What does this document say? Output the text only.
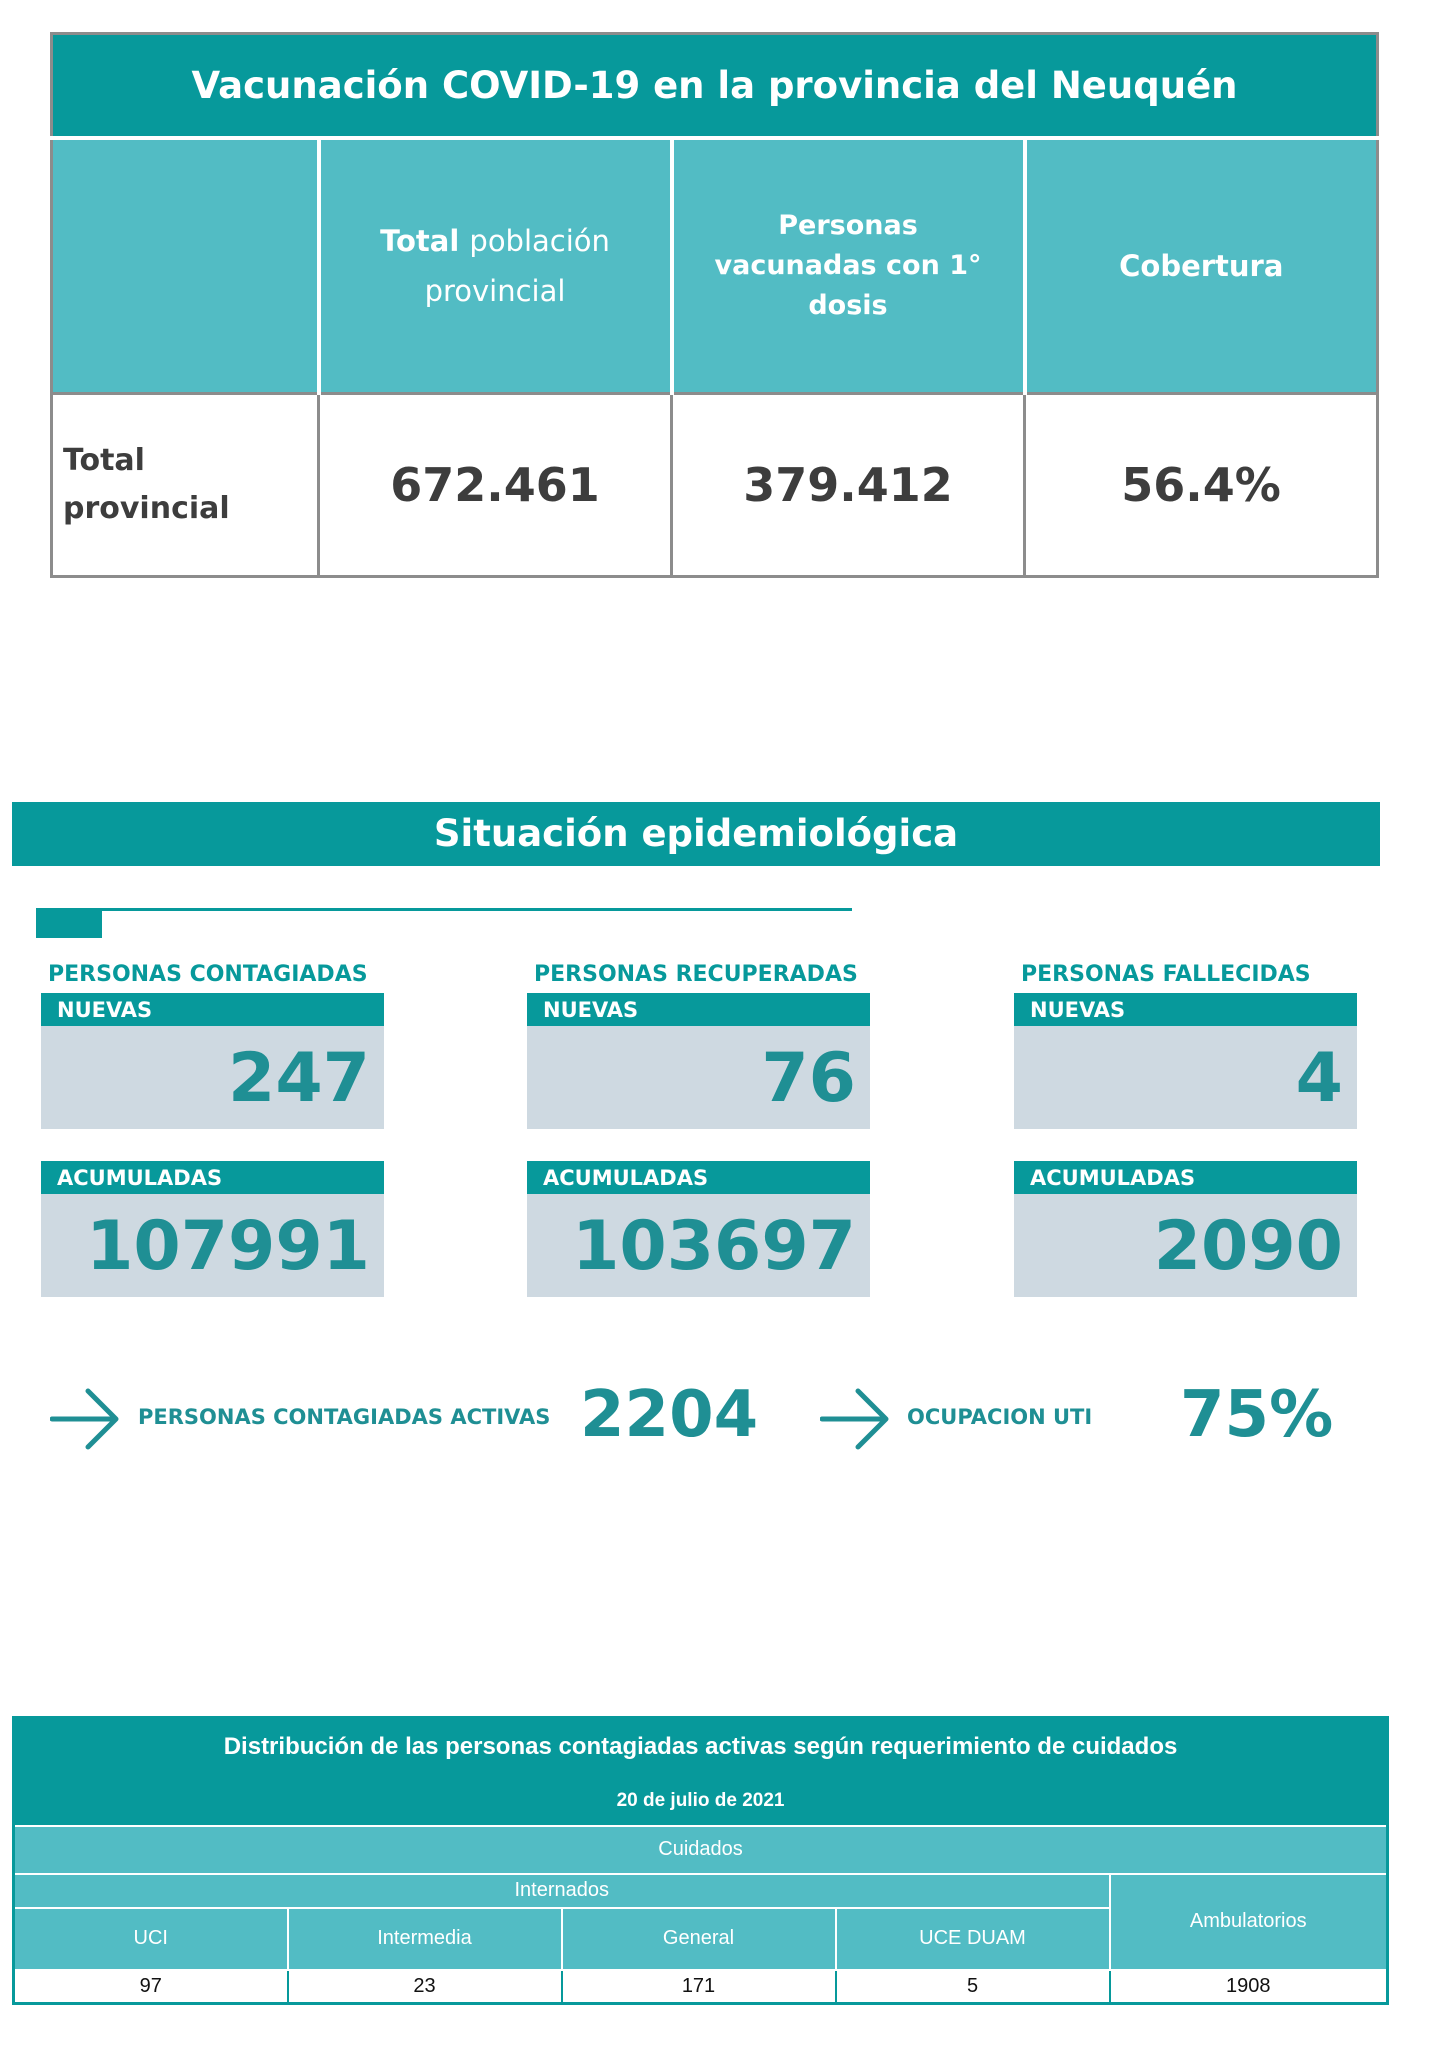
Vacunación COVID-19 en la provincia del Neuquén			
	Total población provincial	Personas vacunadas con 1° dosis	Cobertura
Total provincial	672.461	379.412	56.4%
Situación epidemiológica
PERSONAS CONTAGIADAS
NUEVAS
247
ACUMULADAS
107991
PERSONAS RECUPERADAS
NUEVAS
76
ACUMULADAS
103697
PERSONAS FALLECIDAS
NUEVAS
4
ACUMULADAS
2090
PERSONAS CONTAGIADAS ACTIVAS 2204	OCUPACION UTI 75%
Distribución de las personas contagiadas activas según requerimiento de cuidados				
20 de julio de 2021				
Cuidados				
Internados				Ambulatorios
UCI	Intermedia	General	UCE DUAM	
97	23	171	5	1908
